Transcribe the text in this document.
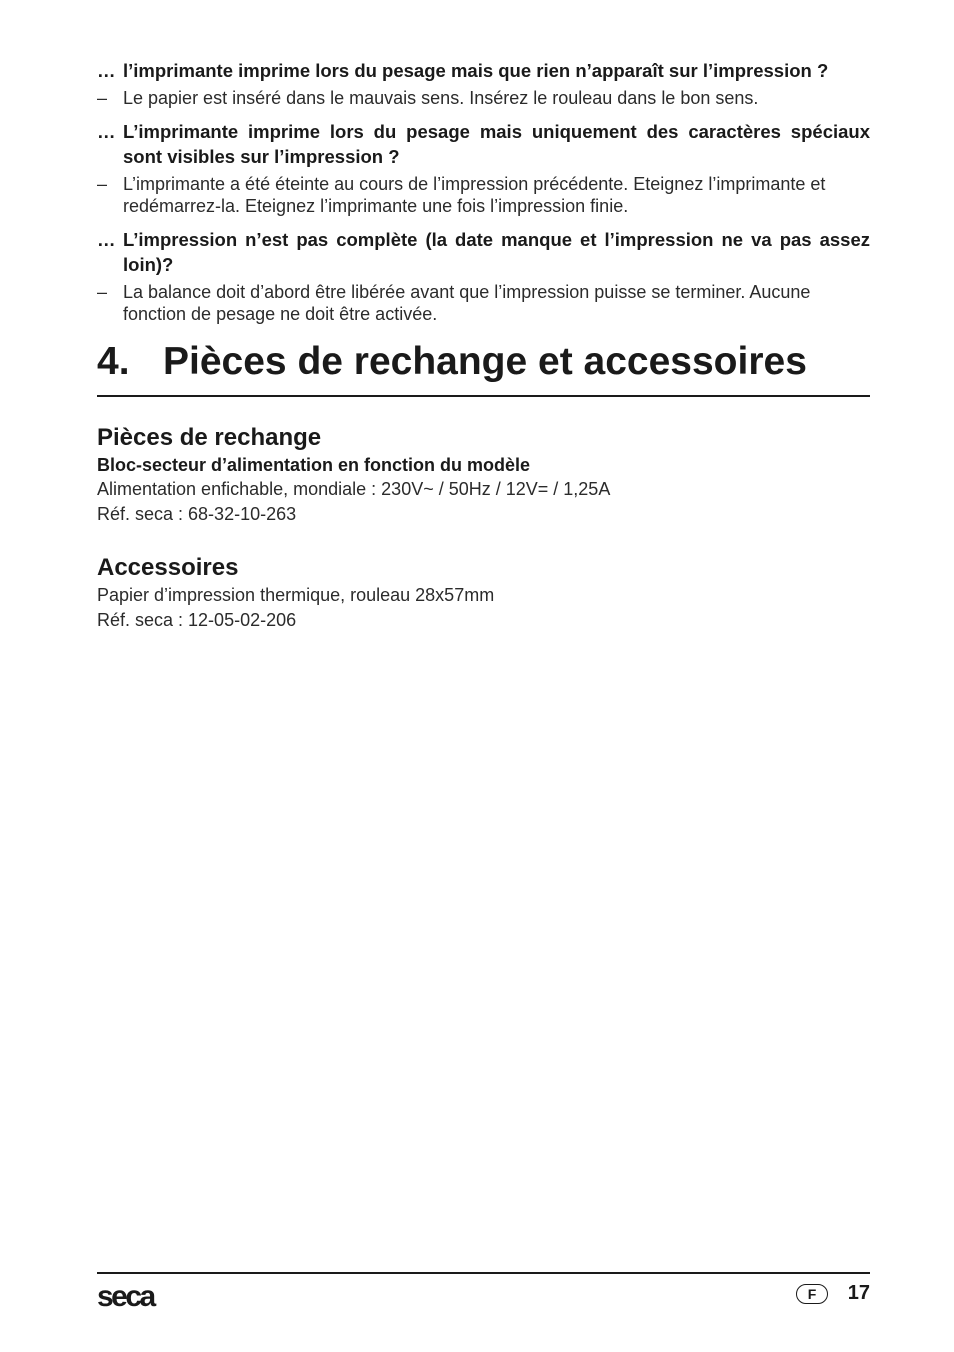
… l’imprimante imprime lors du pesage mais que rien n’apparaît sur l’impression ?
– Le papier est inséré dans le mauvais sens. Insérez le rouleau dans le bon sens.
… L’imprimante imprime lors du pesage mais uniquement des caractères spéciaux sont visibles sur l’impression ?
– L’imprimante a été éteinte au cours de l’impression précédente. Eteignez l’imprimante et redémarrez-la. Eteignez l’imprimante une fois l’impression finie.
… L’impression n’est pas complète (la date manque et l’impression ne va pas assez loin)?
– La balance doit d’abord être libérée avant que l’impression puisse se terminer. Aucune fonction de pesage ne doit être activée.
4. Pièces de rechange et accessoires
Pièces de rechange
Bloc-secteur d’alimentation en fonction du modèle
Alimentation enfichable, mondiale : 230V~ / 50Hz / 12V= / 1,25A
Réf. seca : 68-32-10-263
Accessoires
Papier d’impression thermique, rouleau 28x57mm
Réf. seca : 12-05-02-206
seca	F	17
